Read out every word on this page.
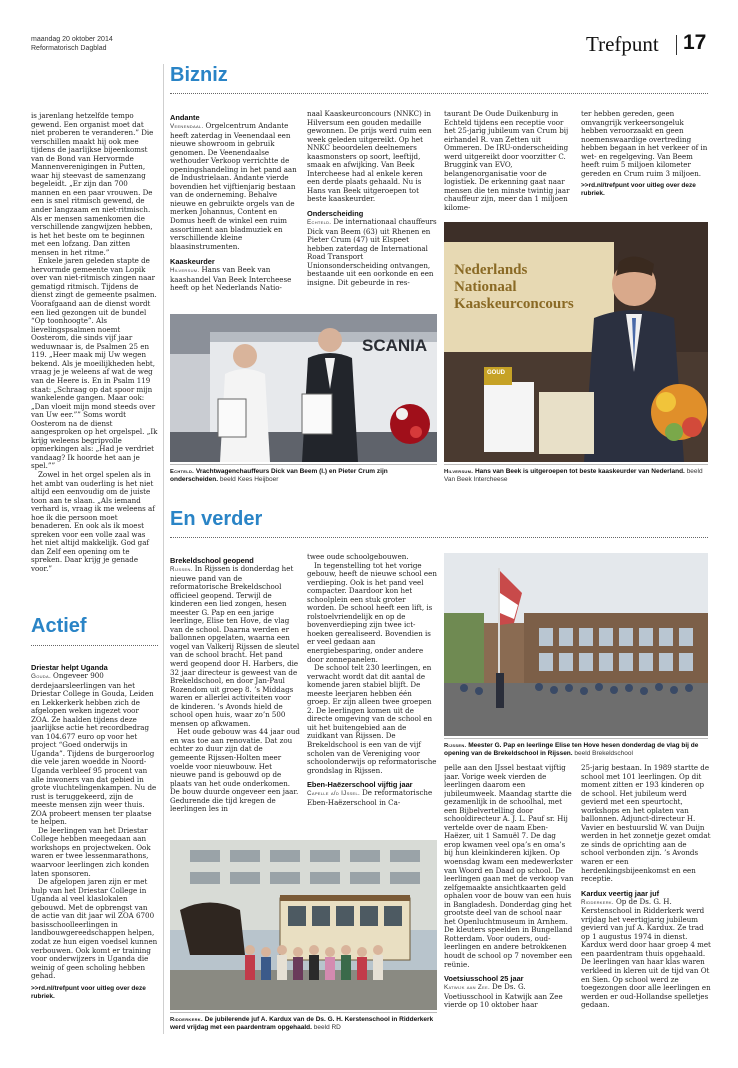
maandag 20 oktober 2014
Reformatorisch Dagblad	Trefpunt 17
Bizniz

is jarenlang hetzelfde tempo gewend. Een organist moet dat niet proberen te veranderen.” Die verschillen maakt hij ook mee tijdens de jaarlijkse bijeenkomst van de Bond van Hervormde Mannenverenigingen in Putten, waar hij steevast de samenzang begeleidt. „Er zijn dan 700 mannen en een paar vrouwen. De een is snel ritmisch gewend, de ander langzaam en niet-ritmisch. Als er mensen samenkomen die verschillende zangwijzen hebben, is het het beste om te beginnen met een lofzang. Dan zitten mensen in het ritme.”

Enkele jaren geleden stapte de hervormde gemeente van Lopik over van niet-ritmisch zingen naar gematigd ritmisch. Tijdens de dienst zingt de gemeente psalmen. Voorafgaand aan de dienst wordt een lied gezongen uit de bundel “Op toonhoogte”. Als lievelingspsalmen noemt Oosterom, die sinds vijf jaar weduwnaar is, de Psalmen 25 en 119. „Heer maak mij Uw wegen bekend. Als je moeilijkheden hebt, vraag je je weleens af wat de weg van de Heere is. En in Psalm 119 staat: „Schraag op dat spoor mijn wankelende gangen. Maar ook: „Dan vloeit mijn mond steeds over van Uw eer.”” Soms wordt Oosterom na de dienst aangesproken op het orgelspel. „Ik krijg weleens begripvolle opmerkingen als: „Had je verdriet vandaag? Ik hoorde het aan je spel.””

Zowel in het orgel spelen als in het ambt van ouderling is het niet altijd een eenvoudig om de juiste toon aan te slaan. „Als iemand verhard is, vraag ik me weleens af hoe ik die persoon moet benaderen. En ook als ik moest spreken voor een volle zaal was het niet altijd makkelijk. God gaf dan Zelf een opening om te spreken. Daar krijg je genade voor.”

Actief
Driestar helpt Uganda

Gouda. Ongeveer 900 derdejaarsleerlingen van het Driestar College in Gouda, Leiden en Lekkerkerk hebben zich de afgelopen weken ingezet voor ZOA. Ze haalden tijdens deze jaarlijkse actie het recordbedrag van 104.677 euro op voor het project “Goed onderwijs in Uganda”. Tijdens de burgeroorlog die vele jaren woedde in Noord-Uganda verbleef 95 procent van alle inwoners van dat gebied in grote vluchtelingenkampen. Nu de rust is teruggekeerd, zijn de meeste mensen zijn weer thuis. ZOA probeert mensen ter plaatse te helpen.

De leerlingen van het Driestar College hebben meegedaan aan workshops en projectweken. Ook waren er twee lessenmarathons, waarvoor leerlingen zich konden laten sponsoren.

De afgelopen jaren zijn er met hulp van het Driestar College in Uganda al veel klaslokalen gebouwd. Met de opbrengst van de actie van dit jaar wil ZOA 6700 basisschoolleerlingen in landbouwgereedschappen helpen, zodat ze hun eigen voedsel kunnen verbouwen. Ook komt er training voor onderwijzers in Uganda die weinig of geen scholing hebben gehad.

>>rd.nl/trefpunt voor uitleg over deze rubriek.
Andante

Veenendaal. Orgelcentrum Andante heeft zaterdag in Veenendaal een nieuwe showroom in gebruik genomen. De Veenendaalse wethouder Verkoop verrichtte de openingshandeling in het pand aan de Industrielaan. Andante vierde bovendien het vijftienjarig bestaan van de onderneming. Behalve nieuwe en gebruikte orgels van de merken Johannus, Content en Domus heeft de winkel een ruim assortiment aan bladmuziek en verschillende kleine blaasinstrumenten.

Kaaskeurder

Hilversum. Hans van Beek van kaashandel Van Beek Intercheese heeft op het Nederlands Natio-

naal Kaaskeurconcours (NNKC) in Hilversum een gouden medaille gewonnen. De prijs werd ruim een week geleden uitgereikt. Op het NNKC beoordelen deelnemers kaasmonsters op soort, leeftijd, smaak en afwijking. Van Beek Intercheese had al enkele keren een derde plaats gehaald. Nu is Hans van Beek uitgeroepen tot beste kaaskeurder.

Onderscheiding

Echteld. De internationaal chauffeurs Dick van Beem (63) uit Rhenen en Pieter Crum (47) uit Elspeet hebben zaterdag de International Road Transport Unionsonderscheiding ontvangen, bestaande uit een oorkonde en een insigne. Dit gebeurde in res-

taurant De Oude Duikenburg in Echteld tijdens een receptie voor het 25-jarig jubileum van Crum bij eirhandel R. van Zetten uit Ommeren. De IRU-onderscheiding werd uitgereikt door voorzitter C. Bruggink van EVO, belangenorganisatie voor de logistiek. De erkenning gaat naar mensen die ten minste twintig jaar chauffeur zijn, meer dan 1 miljoen kilome-

ter hebben gereden, geen omvangrijk verkeersongeluk hebben veroorzaakt en geen noemenswaardige overtreding hebben begaan in het verkeer of in wet- en regelgeving. Van Beem heeft ruim 5 miljoen kilometer gereden en Crum ruim 3 miljoen.

>>rd.nl/trefpunt voor uitleg over deze rubriek.
SCANIA
Echteld. Vrachtwagenchauffeurs Dick van Beem (l.) en Pieter Crum zijn onderscheiden. beeld Kees Heijboer
Nederlands
Nationaal
Kaaskeurconcours
GOUD
Hilversum. Hans van Beek is uitgeroepen tot beste kaaskeurder van Nederland. beeld Van Beek Intercheese
En verder
Brekeldschool geopend

Rijssen. In Rijssen is donderdag het nieuwe pand van de reformatorische Brekeldschool officieel geopend. Terwijl de kinderen een lied zongen, hesen meester G. Pap en een jarige leerlinge, Elise ten Hove, de vlag van de school. Daarna werden er ballonnen opgelaten, waarna een vogel van Valkerij Rijssen de sleutel van de school bracht. Het pand werd geopend door H. Harbers, die 32 jaar directeur is geweest van de Brekeldschool, en door Jan-Paul Rozendom uit groep 8. ’s Middags waren er allerlei activiteiten voor de kinderen. ’s Avonds hield de school open huis, waar zo’n 500 mensen op afkwamen.

Het oude gebouw was 44 jaar oud en was toe aan renovatie. Dat zou echter zo duur zijn dat de gemeente Rijssen-Holten meer voelde voor nieuwbouw. Het nieuwe pand is gebouwd op de plaats van het oude onderkomen. De bouw duurde ongeveer een jaar. Gedurende die tijd kregen de leerlingen les in

twee oude schoolgebouwen.

In tegenstelling tot het vorige gebouw, heeft de nieuwe school een verdieping. Ook is het pand veel compacter. Daardoor kon het schoolplein een stuk groter worden. De school heeft een lift, is rolstoelvriendelijk en op de bovenverdieping zijn twee ict-hoeken gerealiseerd. Bovendien is er veel gedaan aan energiebesparing, onder andere door zonnepanelen.

De school telt 230 leerlingen, en verwacht wordt dat dit aantal de komende jaren stabiel blijft. De meeste leerjaren hebben één groep. Er zijn alleen twee groepen 2. De leerlingen komen uit de directe omgeving van de school en uit het buitengebied aan de zuidkant van Rijssen. De Brekeldschool is een van de vijf scholen van de Vereniging voor schoolonderwijs op reformatorische grondslag in Rijssen.

Eben-Haëzerschool vijftig jaar

Capelle a/d IJssel. De reformatorische Eben-Haëzerschool in Ca-

Rijssen. Meester G. Pap en leerlinge Elise ten Hove hesen donderdag de vlag bij de opening van de Brekeldschool in Rijssen. beeld Brekeldschool
Ridderkerk. De jubilerende juf A. Kardux van de Ds. G. H. Kerstenschool in Ridderkerk werd vrijdag met een paardentram opgehaald. beeld RD

pelle aan den IJssel bestaat vijftig jaar. Vorige week vierden de leerlingen daarom een jubileumweek. Maandag startte die gezamenlijk in de schoolhal, met een Bijbelvertelling door schooldirecteur A. J. L. Pauf sr. Hij vertelde over de naam Eben-Haëzer, uit 1 Samuël 7. De dag erop kwamen veel opa’s en oma’s bij hun kleinkinderen kijken. Op woensdag kwam een medewerkster van Woord en Daad op school. De leerlingen gaan met de verkoop van zelfgemaakte ansichtkaarten geld ophalen voor de bouw van een huis in Bangladesh. Donderdag ging het grootste deel van de school naar het Openluchtmuseum in Arnhem. De kleuters speelden in Bungelland Rotterdam. Voor ouders, oud-leerlingen en andere betrokkenen houdt de school op 7 november een reünie.

Voetsiusschool 25 jaar

Katwijk aan Zee. De Ds. G. Voetiusschool in Katwijk aan Zee vierde op 10 oktober haar

25-jarig bestaan. In 1989 startte de school met 101 leerlingen. Op dit moment zitten er 193 kinderen op de school. Het jubileum werd gevierd met een speurtocht, workshops en het oplaten van ballonnen. Adjunct-directeur H. Vavier en bestuurslid W. van Duijn werden in het zonnetje gezet omdat ze sinds de oprichting aan de school verbonden zijn. ’s Avonds waren er een herdenkingsbijeenkomst en een receptie.

Kardux veertig jaar juf

Ridderkerk. Op de Ds. G. H. Kerstenschool in Ridderkerk werd vrijdag het veertigjarig jubileum gevierd van juf A. Kardux. Ze trad op 1 augustus 1974 in dienst. Kardux werd door haar groep 4 met een paardentram thuis opgehaald. De leerlingen van haar klas waren verkleed in kleren uit de tijd van Ot en Sien. Op school werd ze toegezongen door alle leerlingen en werden er oud-Hollandse spelletjes gedaan.
